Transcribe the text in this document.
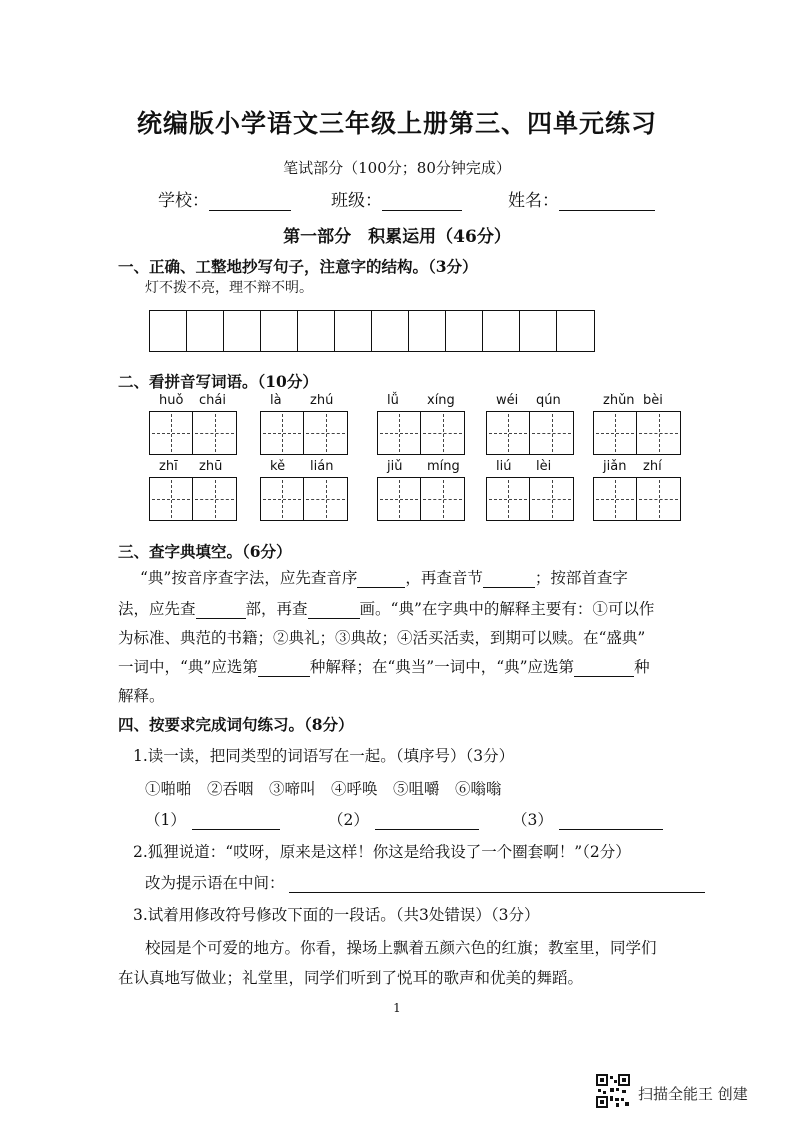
统编版小学语文三年级上册第三、四单元练习
笔试部分（100分；80分钟完成）
学校：	班级：	姓名：
第一部分　积累运用（46分）
一、正确、工整地抄写句子，注意字的结构。（3分）
灯不拨不亮，理不辩不明。
二、看拼音写词语。（10分）
huǒ chái	là zhú	lǚ xíng	wéi qún	zhǔn bèi
zhī zhū	kě lián	jiǔ míng	liú lèi	jiǎn zhí
三、查字典填空。（6分）
“典”按音序查字法，应先查音序	，再查音节	；按部首查字
法，应先查	部，再查	画。“典”在字典中的解释主要有：①可以作
为标准、典范的书籍；②典礼；③典故；④活买活卖，到期可以赎。在“盛典”
一词中，“典”应选第	种解释；在“典当”一词中，“典”应选第	种
解释。
四、按要求完成词句练习。（8分）
1.读一读，把同类型的词语写在一起。（填序号）（3分）
①啪啪　②吞咽　③啼叫　④呼唤　⑤咀嚼　⑥嗡嗡
（1）	（2）	（3）
2.狐狸说道：“哎呀，原来是这样！你这是给我设了一个圈套啊！”（2分）
改为提示语在中间：
3.试着用修改符号修改下面的一段话。（共3处错误）（3分）
校园是个可爱的地方。你看，操场上飘着五颜六色的红旗；教室里，同学们
在认真地写做业；礼堂里，同学们听到了悦耳的歌声和优美的舞蹈。
1
扫描全能王 创建
